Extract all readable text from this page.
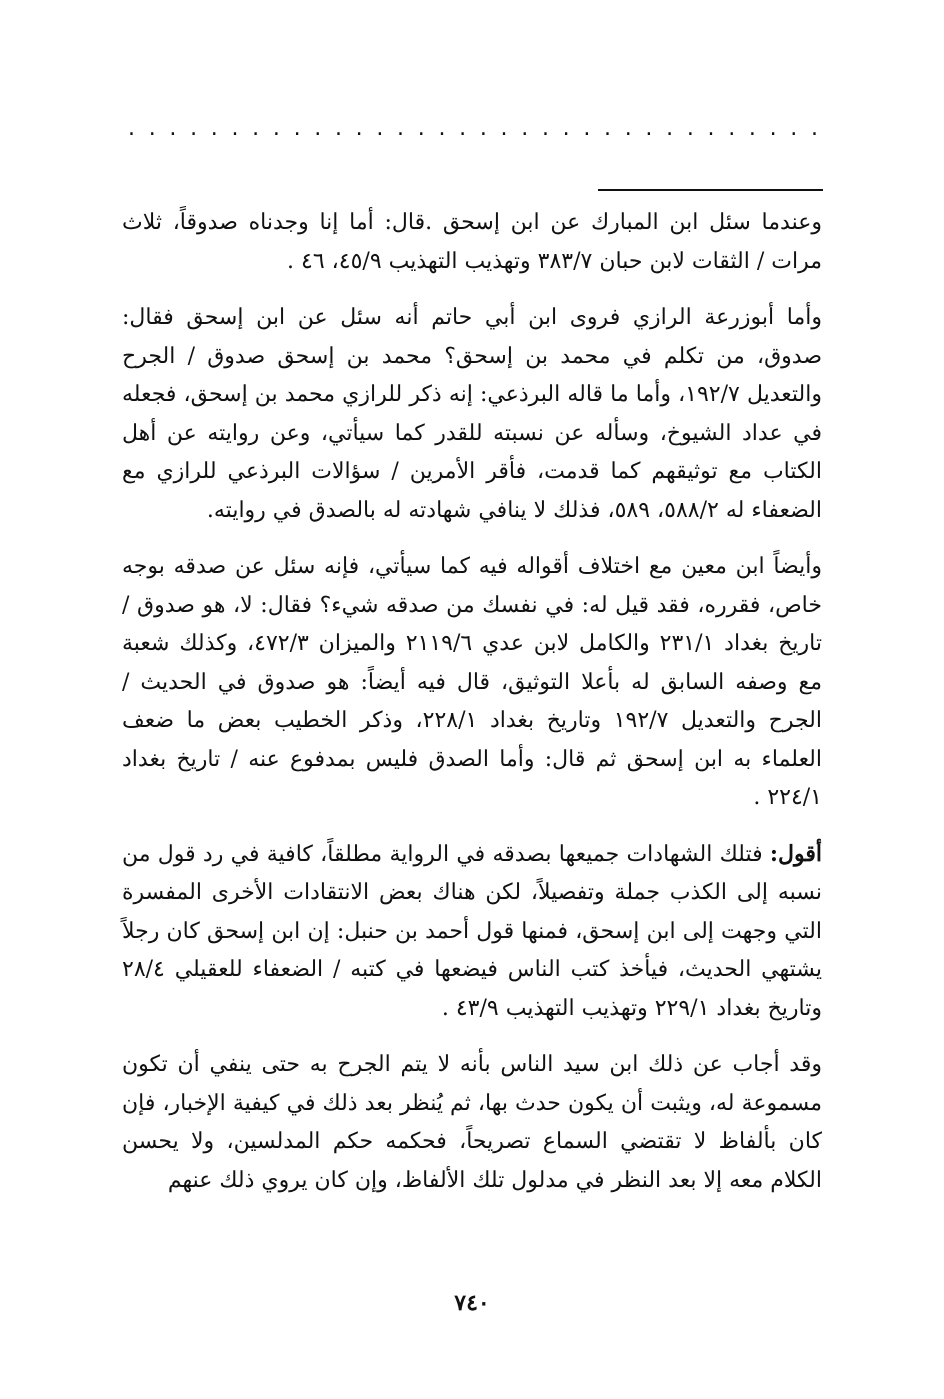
. . . . . . . . . . . . . . . . . . . . . . . . . . . . . . . . . .

وعندما سئل ابن المبارك عن ابن إسحق .قال: أما إنا وجدناه صدوقاً، ثلاث مرات / الثقات لابن حبان ٣٨٣/٧ وتهذيب التهذيب ٤٥/٩، ٤٦ .

وأما أبوزرعة الرازي فروى ابن أبي حاتم أنه سئل عن ابن إسحق فقال: صدوق، من تكلم في محمد بن إسحق؟ محمد بن إسحق صدوق / الجرح والتعديل ١٩٢/٧، وأما ما قاله البرذعي: إنه ذكر للرازي محمد بن إسحق، فجعله في عداد الشيوخ، وسأله عن نسبته للقدر كما سيأتي، وعن روايته عن أهل الكتاب مع توثيقهم كما قدمت، فأقر الأمرين / سؤالات البرذعي للرازي مع الضعفاء له ٥٨٨/٢، ٥٨٩، فذلك لا ينافي شهادته له بالصدق في روايته.

وأيضاً ابن معين مع اختلاف أقواله فيه كما سيأتي، فإنه سئل عن صدقه بوجه خاص، فقرره، فقد قيل له: في نفسك من صدقه شيء؟ فقال: لا، هو صدوق / تاريخ بغداد ٢٣١/١ والكامل لابن عدي ٢١١٩/٦ والميزان ٤٧٢/٣، وكذلك شعبة مع وصفه السابق له بأعلا التوثيق، قال فيه أيضاً: هو صدوق في الحديث / الجرح والتعديل ١٩٢/٧ وتاريخ بغداد ٢٢٨/١، وذكر الخطيب بعض ما ضعف العلماء به ابن إسحق ثم قال: وأما الصدق فليس بمدفوع عنه / تاريخ بغداد ٢٢٤/١ .

أقول: فتلك الشهادات جميعها بصدقه في الرواية مطلقاً، كافية في رد قول من نسبه إلى الكذب جملة وتفصيلاً، لكن هناك بعض الانتقادات الأخرى المفسرة التي وجهت إلى ابن إسحق، فمنها قول أحمد بن حنبل: إن ابن إسحق كان رجلاً يشتهي الحديث، فيأخذ كتب الناس فيضعها في كتبه / الضعفاء للعقيلي ٢٨/٤ وتاريخ بغداد ٢٢٩/١ وتهذيب التهذيب ٤٣/٩ .

وقد أجاب عن ذلك ابن سيد الناس بأنه لا يتم الجرح به حتى ينفي أن تكون مسموعة له، ويثبت أن يكون حدث بها، ثم يُنظر بعد ذلك في كيفية الإخبار، فإن كان بألفاظ لا تقتضي السماع تصريحاً، فحكمه حكم المدلسين، ولا يحسن الكلام معه إلا بعد النظر في مدلول تلك الألفاظ، وإن كان يروي ذلك عنهم

٧٤٠
